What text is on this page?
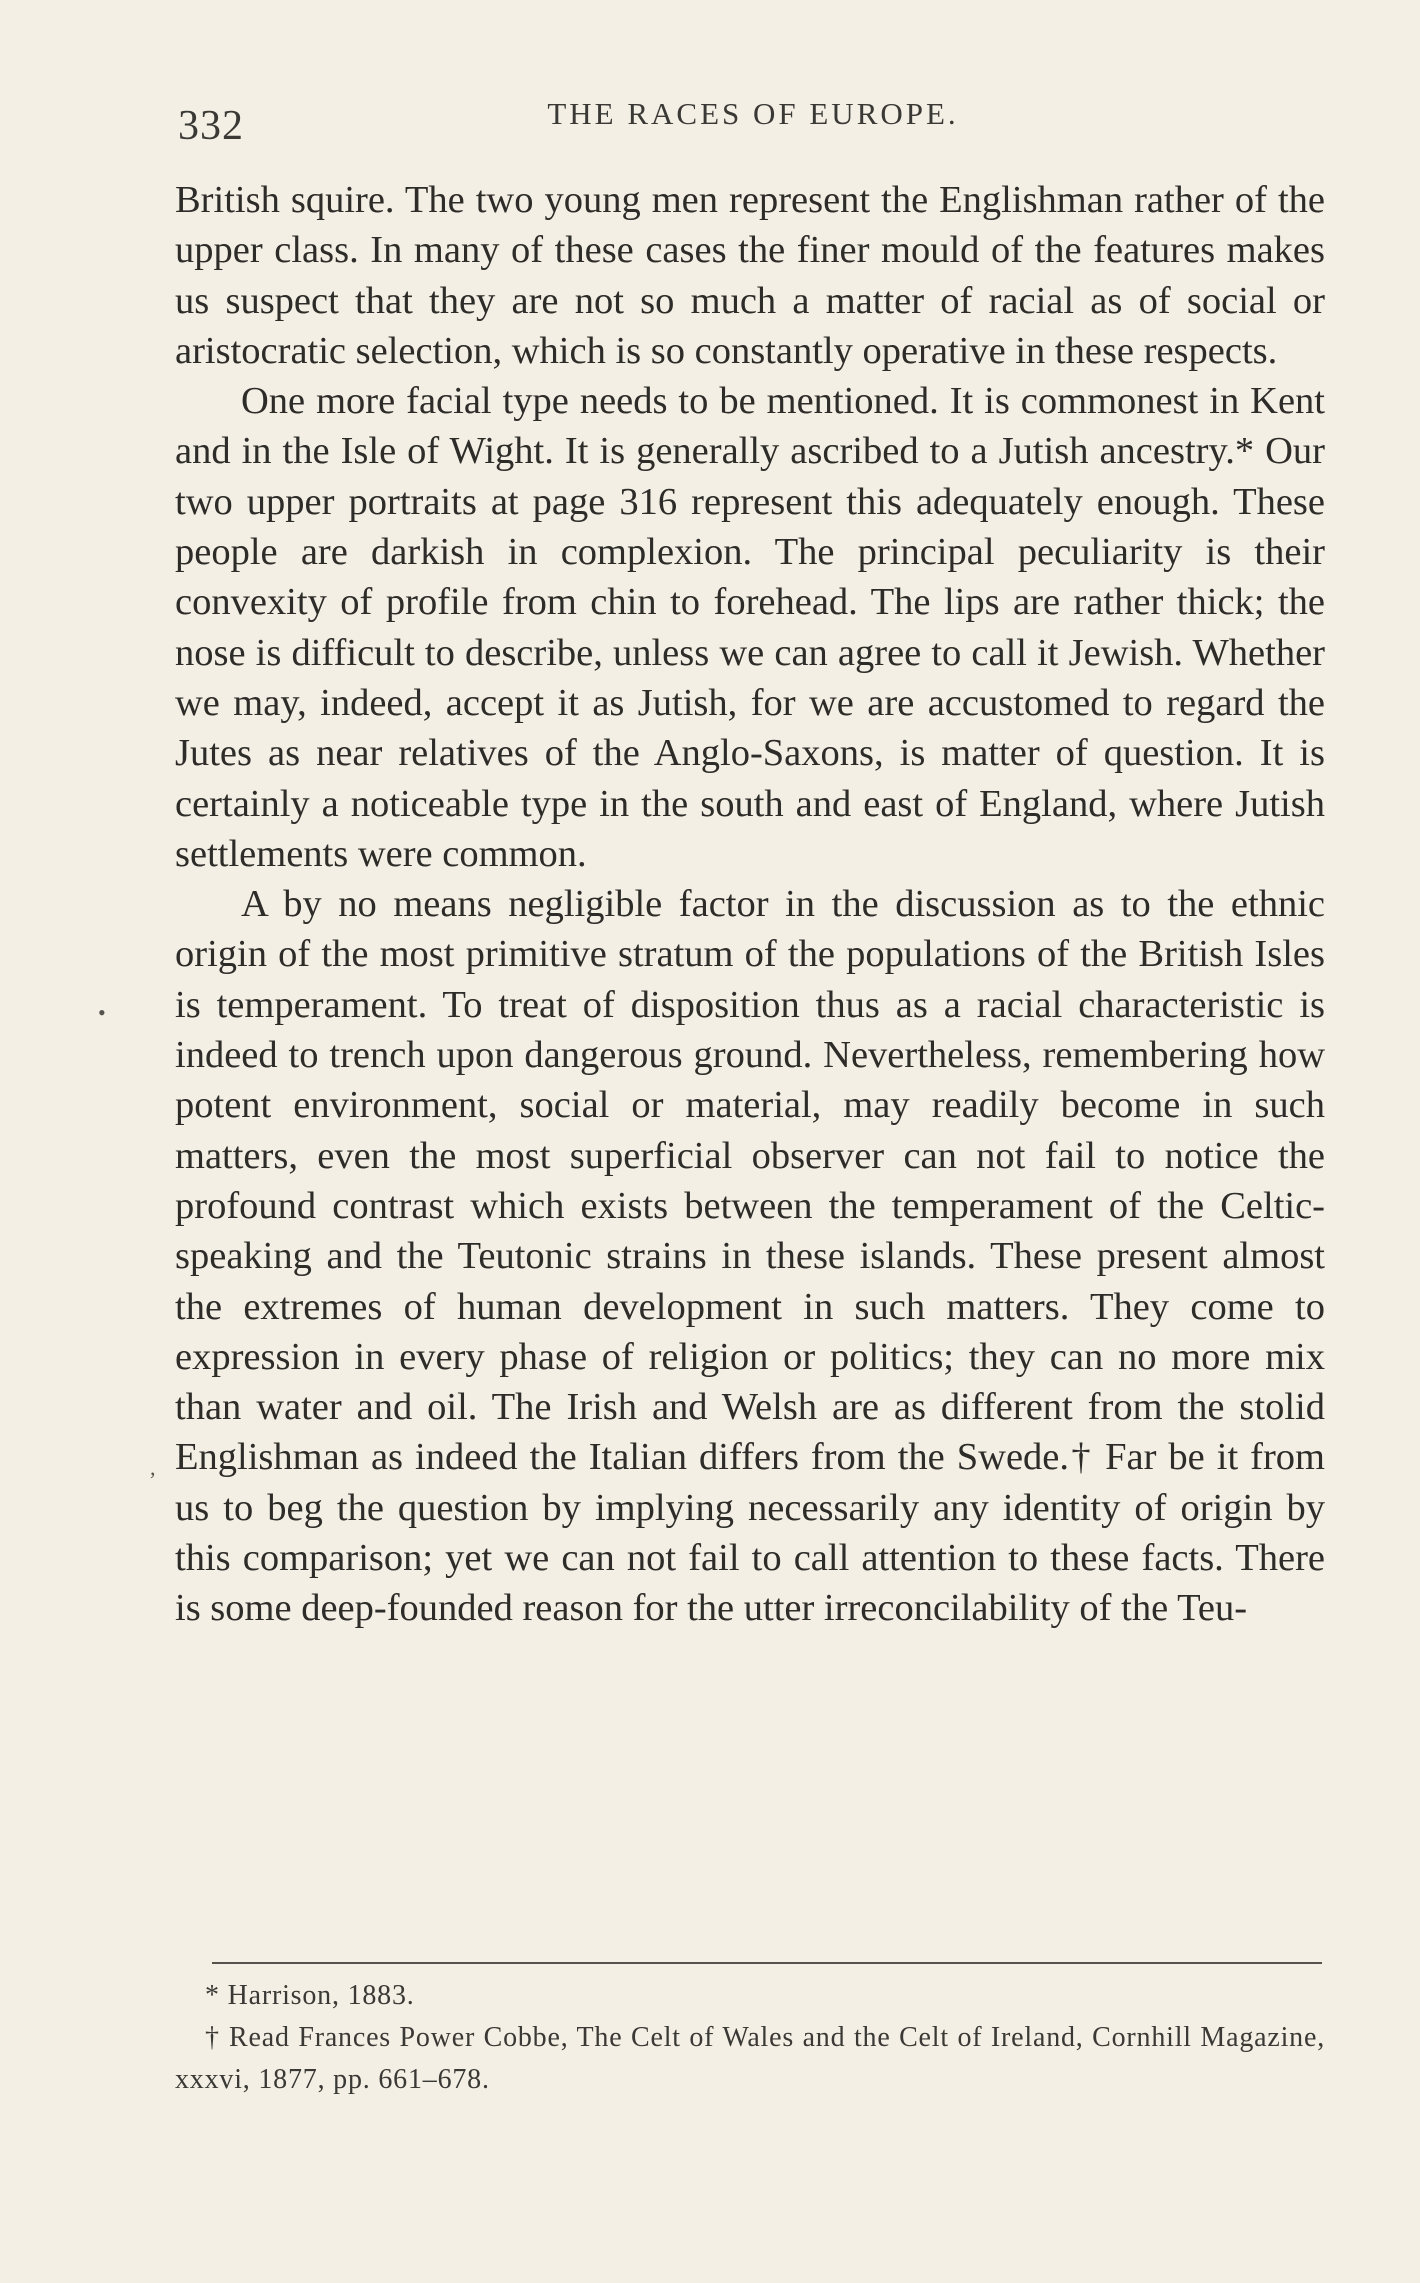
332	THE RACES OF EUROPE.

British squire. The two young men represent the Englishman rather of the upper class. In many of these cases the finer mould of the features makes us suspect that they are not so much a matter of racial as of social or aristocratic selection, which is so constantly operative in these respects.

One more facial type needs to be mentioned. It is commonest in Kent and in the Isle of Wight. It is generally ascribed to a Jutish ancestry.* Our two upper portraits at page 316 represent this adequately enough. These people are darkish in complexion. The principal peculiarity is their convexity of profile from chin to forehead. The lips are rather thick; the nose is difficult to describe, unless we can agree to call it Jewish. Whether we may, indeed, accept it as Jutish, for we are accustomed to regard the Jutes as near relatives of the Anglo-Saxons, is matter of question. It is certainly a noticeable type in the south and east of England, where Jutish settlements were common.

A by no means negligible factor in the discussion as to the ethnic origin of the most primitive stratum of the populations of the British Isles is temperament. To treat of disposition thus as a racial characteristic is indeed to trench upon dangerous ground. Nevertheless, remembering how potent environment, social or material, may readily become in such matters, even the most superficial observer can not fail to notice the profound contrast which exists between the temperament of the Celtic-speaking and the Teutonic strains in these islands. These present almost the extremes of human development in such matters. They come to expression in every phase of religion or politics; they can no more mix than water and oil. The Irish and Welsh are as different from the stolid Englishman as indeed the Italian differs from the Swede.† Far be it from us to beg the question by implying necessarily any identity of origin by this comparison; yet we can not fail to call attention to these facts. There is some deep-founded reason for the utter irreconcilability of the Teu-

•
,

* Harrison, 1883.

† Read Frances Power Cobbe, The Celt of Wales and the Celt of Ireland, Cornhill Magazine, xxxvi, 1877, pp. 661–678.
